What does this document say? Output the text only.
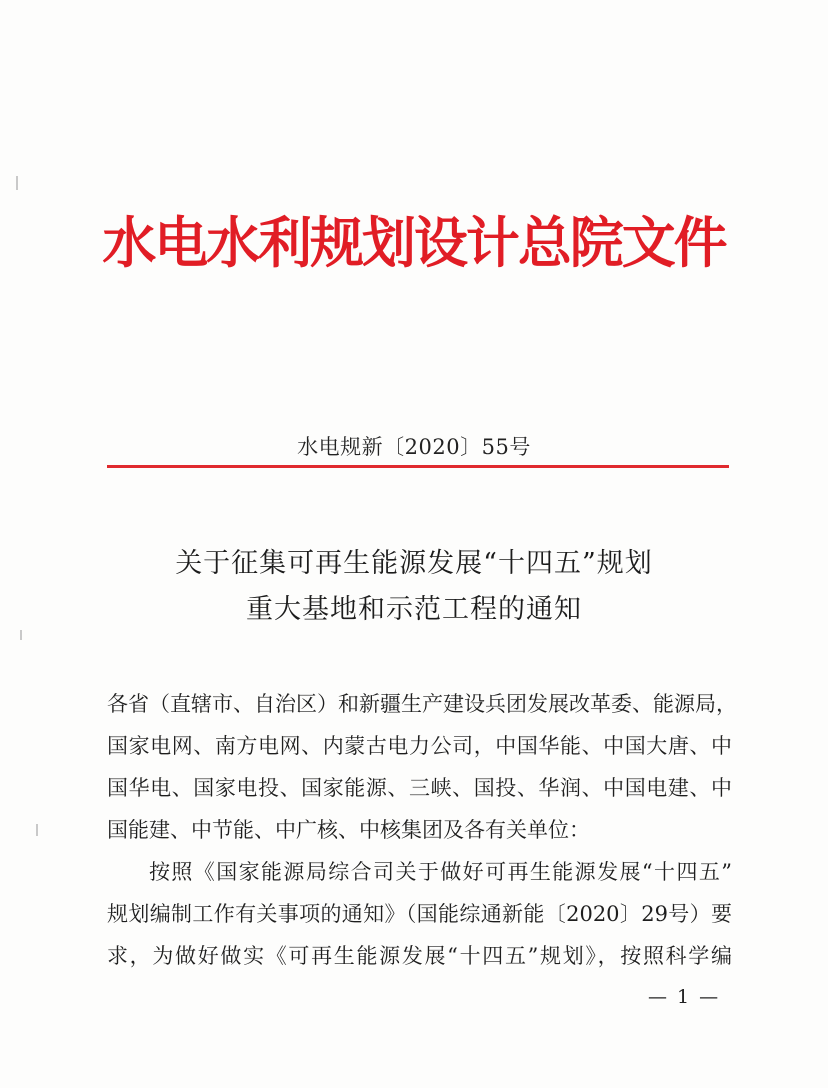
水电水利规划设计总院文件
水电规新〔2020〕55号
关于征集可再生能源发展“十四五”规划
重大基地和示范工程的通知
各省（直辖市、自治区）和新疆生产建设兵团发展改革委、能源局，
国家电网、南方电网、内蒙古电力公司，中国华能、中国大唐、中
国华电、国家电投、国家能源、三峡、国投、华润、中国电建、中
国能建、中节能、中广核、中核集团及各有关单位：
按照《国家能源局综合司关于做好可再生能源发展“十四五”
规划编制工作有关事项的通知》（国能综通新能〔2020〕29号）要
求，为做好做实《可再生能源发展“十四五”规划》，按照科学编
— 1 —
